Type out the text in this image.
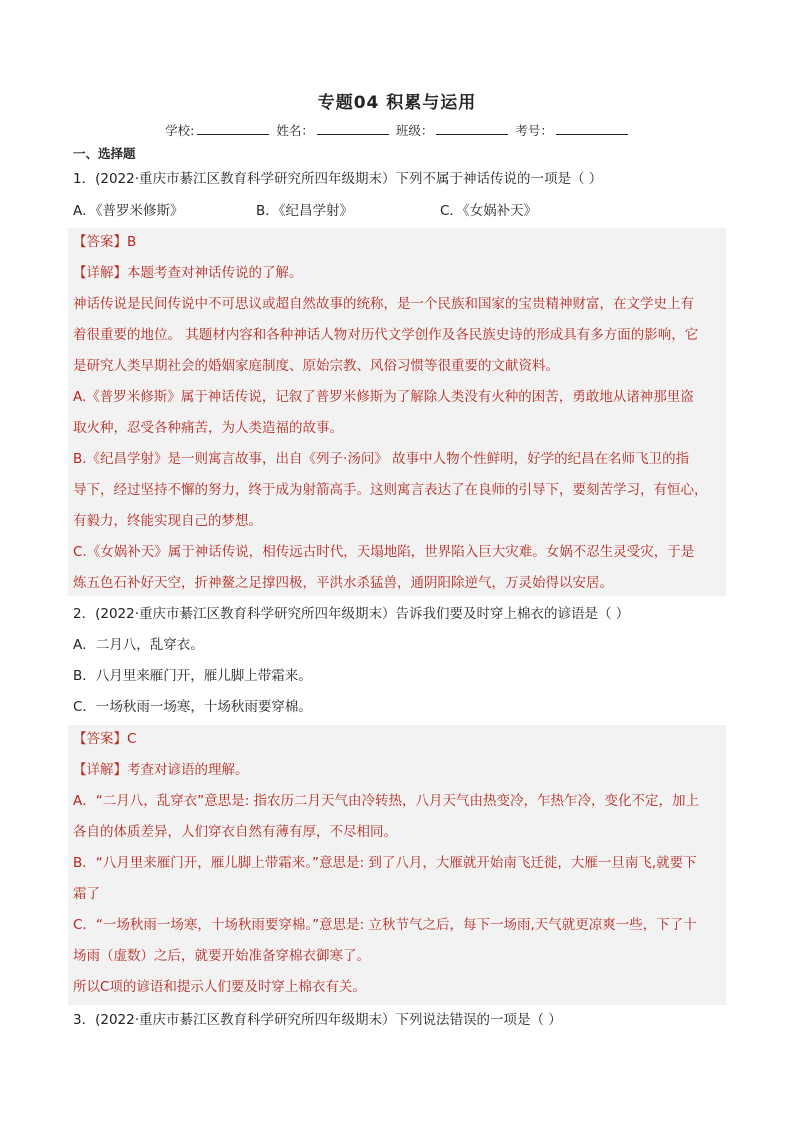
专题04 积累与运用
学校:	姓名：	班级：	考号：
一、选择题
1．(2022·重庆市綦江区教育科学研究所四年级期末）下列不属于神话传说的一项是（ ）
A．《普罗米修斯》	B．《纪昌学射》	C．《女娲补天》
【答案】B
【详解】本题考查对神话传说的了解。
神话传说是民间传说中不可思议或超自然故事的统称，是一个民族和国家的宝贵精神财富，在文学史上有
着很重要的地位。 其题材内容和各种神话人物对历代文学创作及各民族史诗的形成具有多方面的影响，它
是研究人类早期社会的婚姻家庭制度、原始宗教、风俗习惯等很重要的文献资料。
A.《普罗米修斯》属于神话传说，记叙了普罗米修斯为了解除人类没有火种的困苦，勇敢地从诸神那里盗
取火种，忍受各种痛苦，为人类造福的故事。
B.《纪昌学射》是一则寓言故事，出自《列子·汤问》 故事中人物个性鲜明，好学的纪昌在名师飞卫的指
导下，经过坚持不懈的努力，终于成为射箭高手。这则寓言表达了在良师的引导下，要刻苦学习，有恒心，
有毅力，终能实现自己的梦想。
C.《女娲补天》属于神话传说，相传远古时代，天塌地陷，世界陷入巨大灾难。女娲不忍生灵受灾，于是
炼五色石补好天空，折神鳌之足撑四极，平洪水杀猛兽，通阴阳除逆气，万灵始得以安居。
2．(2022·重庆市綦江区教育科学研究所四年级期末）告诉我们要及时穿上棉衣的谚语是（ ）
A．二月八，乱穿衣。
B．八月里来雁门开，雁儿脚上带霜来。
C．一场秋雨一场寒，十场秋雨要穿棉。
【答案】C
【详解】考查对谚语的理解。
A．“二月八，乱穿衣”意思是: 指农历二月天气由冷转热，八月天气由热变冷，乍热乍冷，变化不定，加上
各自的体质差异，人们穿衣自然有薄有厚，不尽相同。
B．“八月里来雁门开，雁儿脚上带霜来。”意思是: 到了八月，大雁就开始南飞迁徙，大雁一旦南飞,就要下
霜了
C．“一场秋雨一场寒，十场秋雨要穿棉。”意思是: 立秋节气之后，每下一场雨,天气就更凉爽一些，下了十
场雨（虚数）之后，就要开始准备穿棉衣御寒了。
所以C项的谚语和提示人们要及时穿上棉衣有关。
3．(2022·重庆市綦江区教育科学研究所四年级期末）下列说法错误的一项是（ ）
